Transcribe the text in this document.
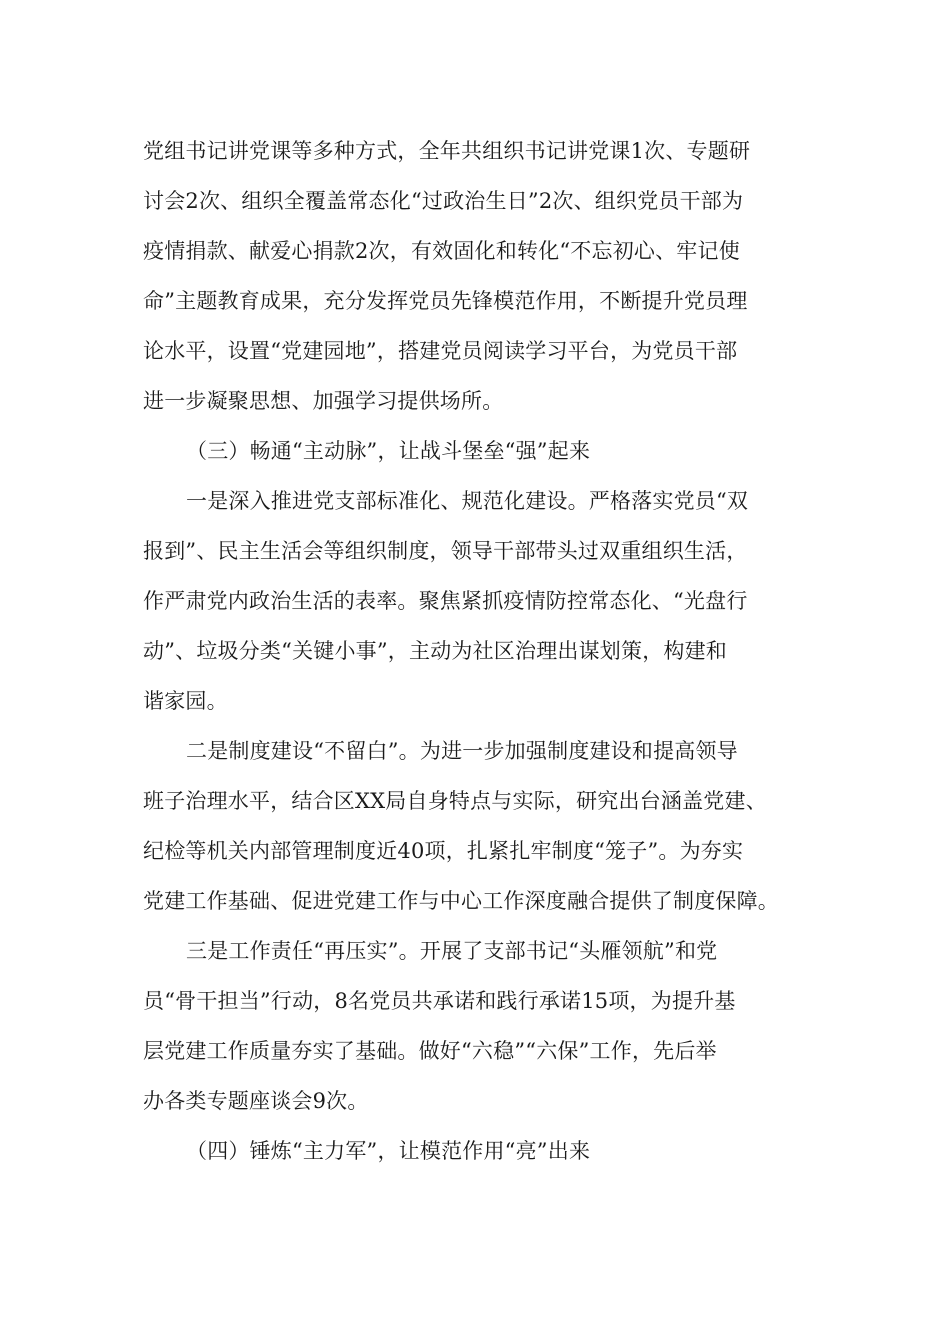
党组书记讲党课等多种方式，全年共组织书记讲党课1次、专题研
讨会2次、组织全覆盖常态化“过政治生日”2次、组织党员干部为
疫情捐款、献爱心捐款2次，有效固化和转化“不忘初心、牢记使
命”主题教育成果，充分发挥党员先锋模范作用，不断提升党员理
论水平，设置“党建园地”，搭建党员阅读学习平台，为党员干部
进一步凝聚思想、加强学习提供场所。
（三）畅通“主动脉”，让战斗堡垒“强”起来
一是深入推进党支部标准化、规范化建设。严格落实党员“双
报到”、民主生活会等组织制度，领导干部带头过双重组织生活，
作严肃党内政治生活的表率。聚焦紧抓疫情防控常态化、“光盘行
动”、垃圾分类“关键小事”，主动为社区治理出谋划策，构建和
谐家园。
二是制度建设“不留白”。为进一步加强制度建设和提高领导
班子治理水平，结合区XX局自身特点与实际，研究出台涵盖党建、
纪检等机关内部管理制度近40项，扎紧扎牢制度“笼子”。为夯实
党建工作基础、促进党建工作与中心工作深度融合提供了制度保障。
三是工作责任“再压实”。开展了支部书记“头雁领航”和党
员“骨干担当”行动，8名党员共承诺和践行承诺15项，为提升基
层党建工作质量夯实了基础。做好“六稳”“六保”工作，先后举
办各类专题座谈会9次。
（四）锤炼“主力军”，让模范作用“亮”出来
